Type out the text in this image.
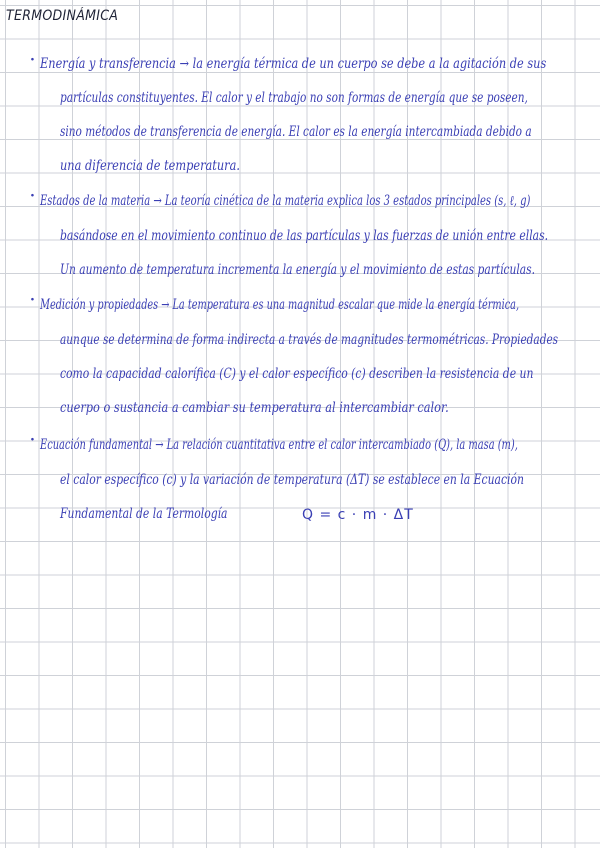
TERMODINÁMICA
· Energía y transferencia → la energía térmica de un cuerpo se debe a la agitación de sus
partículas constituyentes. El calor y el trabajo no son formas de energía que se poseen,
sino métodos de transferencia de energía. El calor es la energía intercambiada debido a
una diferencia de temperatura.
· Estados de la materia → La teoría cinética de la materia explica los 3 estados principales (s, ℓ, g)
basándose en el movimiento continuo de las partículas y las fuerzas de unión entre ellas.
Un aumento de temperatura incrementa la energía y el movimiento de estas partículas.
· Medición y propiedades → La temperatura es una magnitud escalar que mide la energía térmica,
aunque se determina de forma indirecta a través de magnitudes termométricas. Propiedades
como la capacidad calorífica (C) y el calor específico (c) describen la resistencia de un
cuerpo o sustancia a cambiar su temperatura al intercambiar calor.
· Ecuación fundamental → La relación cuantitativa entre el calor intercambiado (Q), la masa (m),
el calor específico (c) y la variación de temperatura (ΔT) se establece en la Ecuación
Fundamental de la Termología	Q = c · m · ΔT
